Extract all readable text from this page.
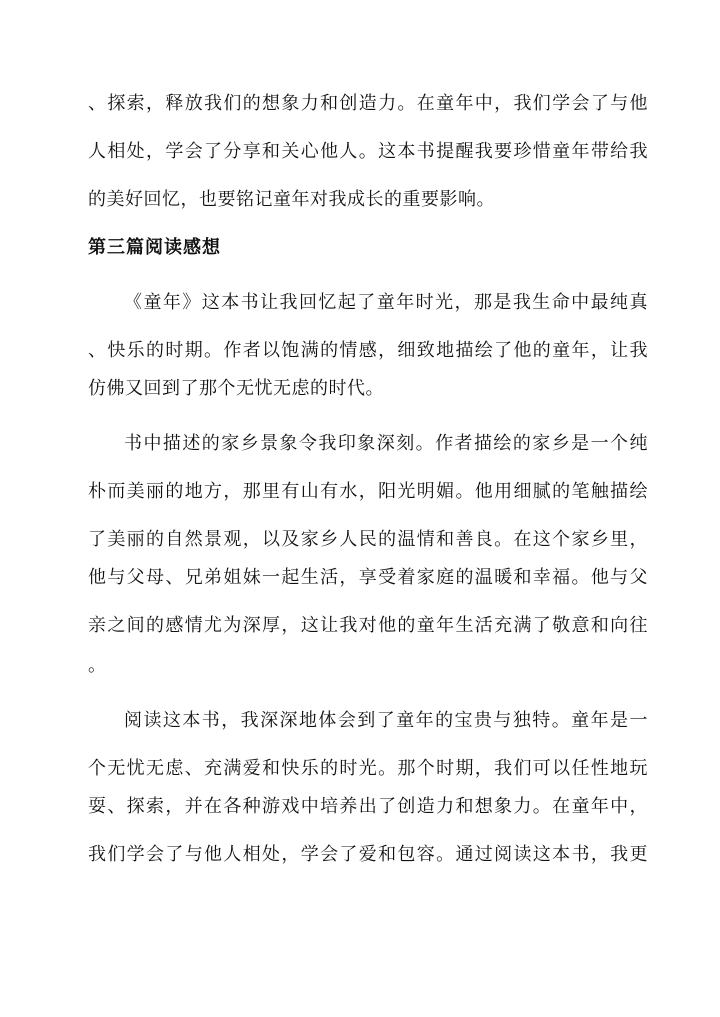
、探索，释放我们的想象力和创造力。在童年中，我们学会了与他
人相处，学会了分享和关心他人。这本书提醒我要珍惜童年带给我
的美好回忆，也要铭记童年对我成长的重要影响。
第三篇阅读感想
《童年》这本书让我回忆起了童年时光，那是我生命中最纯真
、快乐的时期。作者以饱满的情感，细致地描绘了他的童年，让我
仿佛又回到了那个无忧无虑的时代。
书中描述的家乡景象令我印象深刻。作者描绘的家乡是一个纯
朴而美丽的地方，那里有山有水，阳光明媚。他用细腻的笔触描绘
了美丽的自然景观，以及家乡人民的温情和善良。在这个家乡里，
他与父母、兄弟姐妹一起生活，享受着家庭的温暖和幸福。他与父
亲之间的感情尤为深厚，这让我对他的童年生活充满了敬意和向往
。
阅读这本书，我深深地体会到了童年的宝贵与独特。童年是一
个无忧无虑、充满爱和快乐的时光。那个时期，我们可以任性地玩
耍、探索，并在各种游戏中培养出了创造力和想象力。在童年中，
我们学会了与他人相处，学会了爱和包容。通过阅读这本书，我更
